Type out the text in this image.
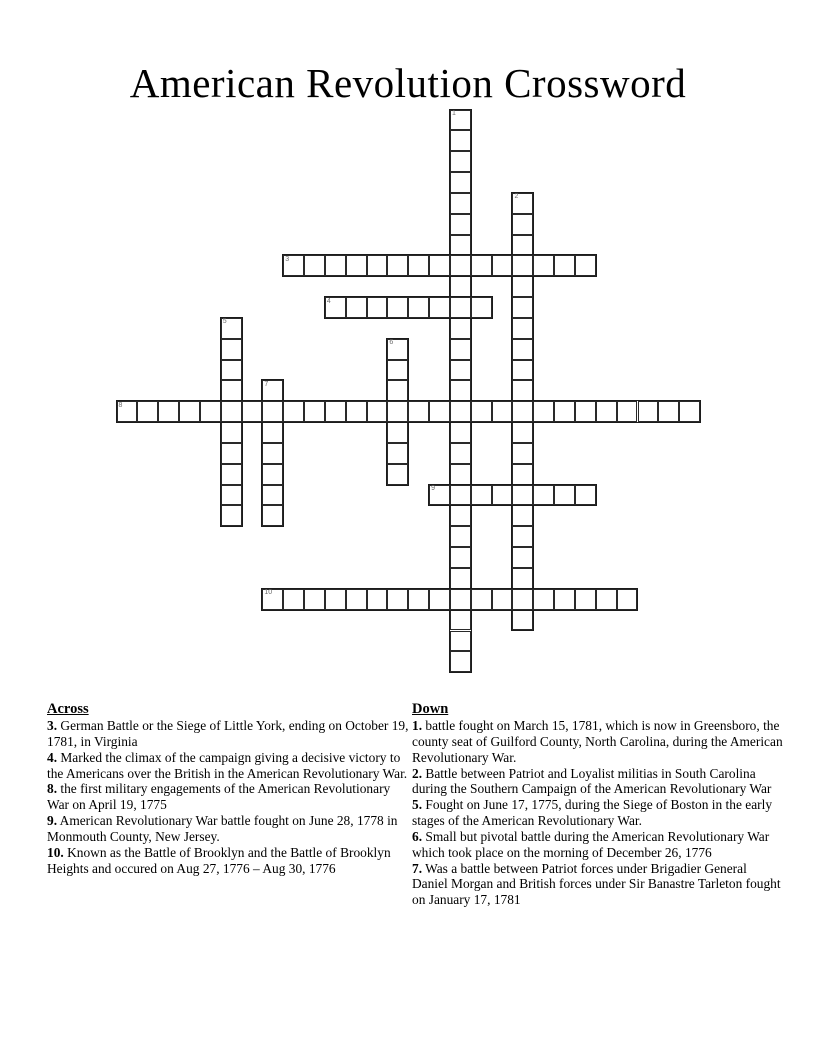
American Revolution Crossword
1
2
3
4
5
6
7
8
9
10
Across
3. German Battle or the Siege of Little York, ending on October 19, 1781, in Virginia
4. Marked the climax of the campaign giving a decisive victory to the Americans over the British in the American Revolutionary War.
8. the first military engagements of the American Revolutionary War on April 19, 1775
9. American Revolutionary War battle fought on June 28, 1778 in Monmouth County, New Jersey.
10. Known as the Battle of Brooklyn and the Battle of Brooklyn Heights and occured on Aug 27, 1776 – Aug 30, 1776
Down
1. battle fought on March 15, 1781, which is now in Greensboro, the county seat of Guilford County, North Carolina, during the American Revolutionary War.
2. Battle between Patriot and Loyalist militias in South Carolina during the Southern Campaign of the American Revolutionary War
5. Fought on June 17, 1775, during the Siege of Boston in the early stages of the American Revolutionary War.
6. Small but pivotal battle during the American Revolutionary War which took place on the morning of December 26, 1776
7. Was a battle between Patriot forces under Brigadier General Daniel Morgan and British forces under Sir Banastre Tarleton fought on January 17, 1781
